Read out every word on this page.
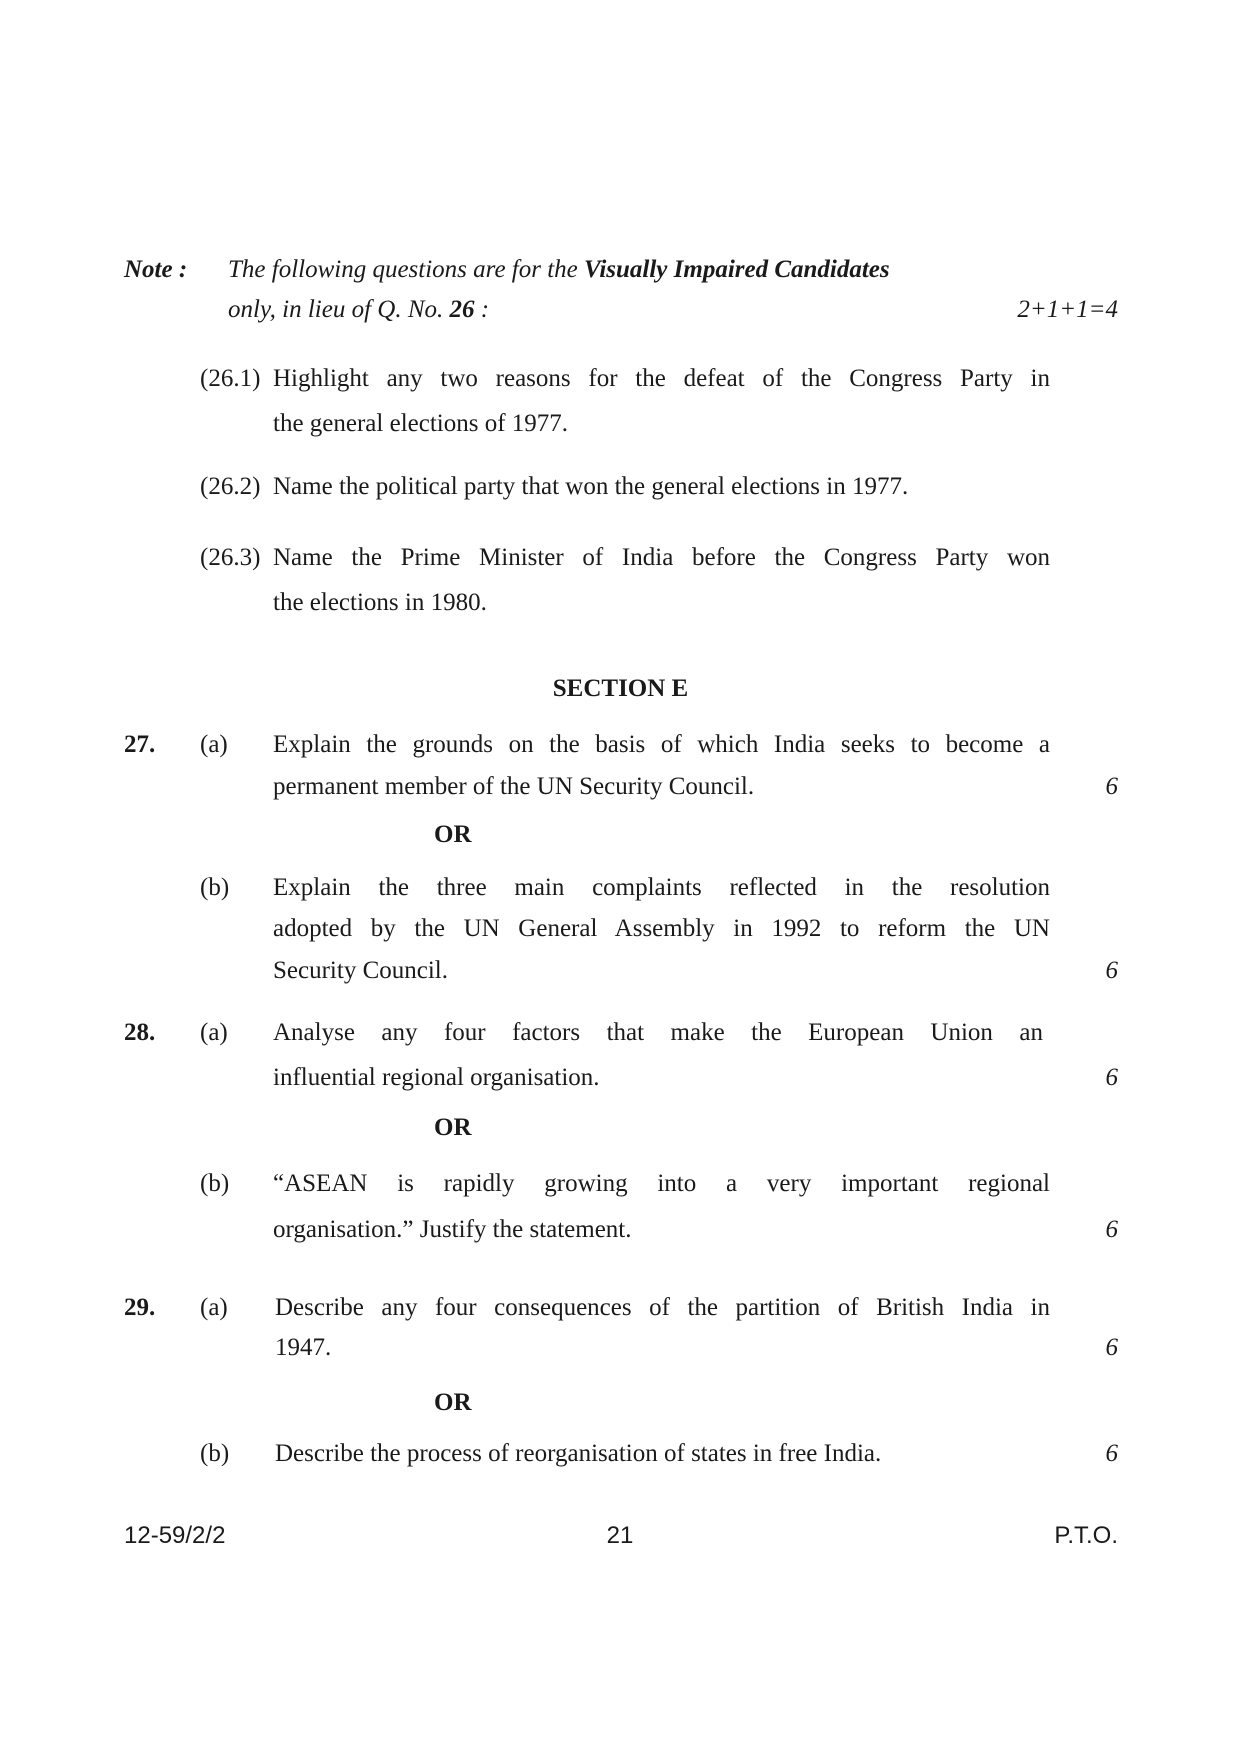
Note : The following questions are for the Visually Impaired Candidates
only, in lieu of Q. No. 26 :	2+1+1=4
(26.1) Highlight any two reasons for the defeat of the Congress Party in
the general elections of 1977.
(26.2) Name the political party that won the general elections in 1977.
(26.3) Name the Prime Minister of India before the Congress Party won
the elections in 1980.
SECTION E
27. (a) Explain the grounds on the basis of which India seeks to become a
permanent member of the UN Security Council.	6
OR
(b) Explain the three main complaints reflected in the resolution
adopted by the UN General Assembly in 1992 to reform the UN
Security Council.	6
28. (a) Analyse any four factors that make the European Union an
influential regional organisation.	6
OR
(b) “ASEAN is rapidly growing into a very important regional
organisation.” Justify the statement.	6
29. (a) Describe any four consequences of the partition of British India in
1947.	6
OR
(b) Describe the process of reorganisation of states in free India.	6
12-59/2/2	21	P.T.O.
